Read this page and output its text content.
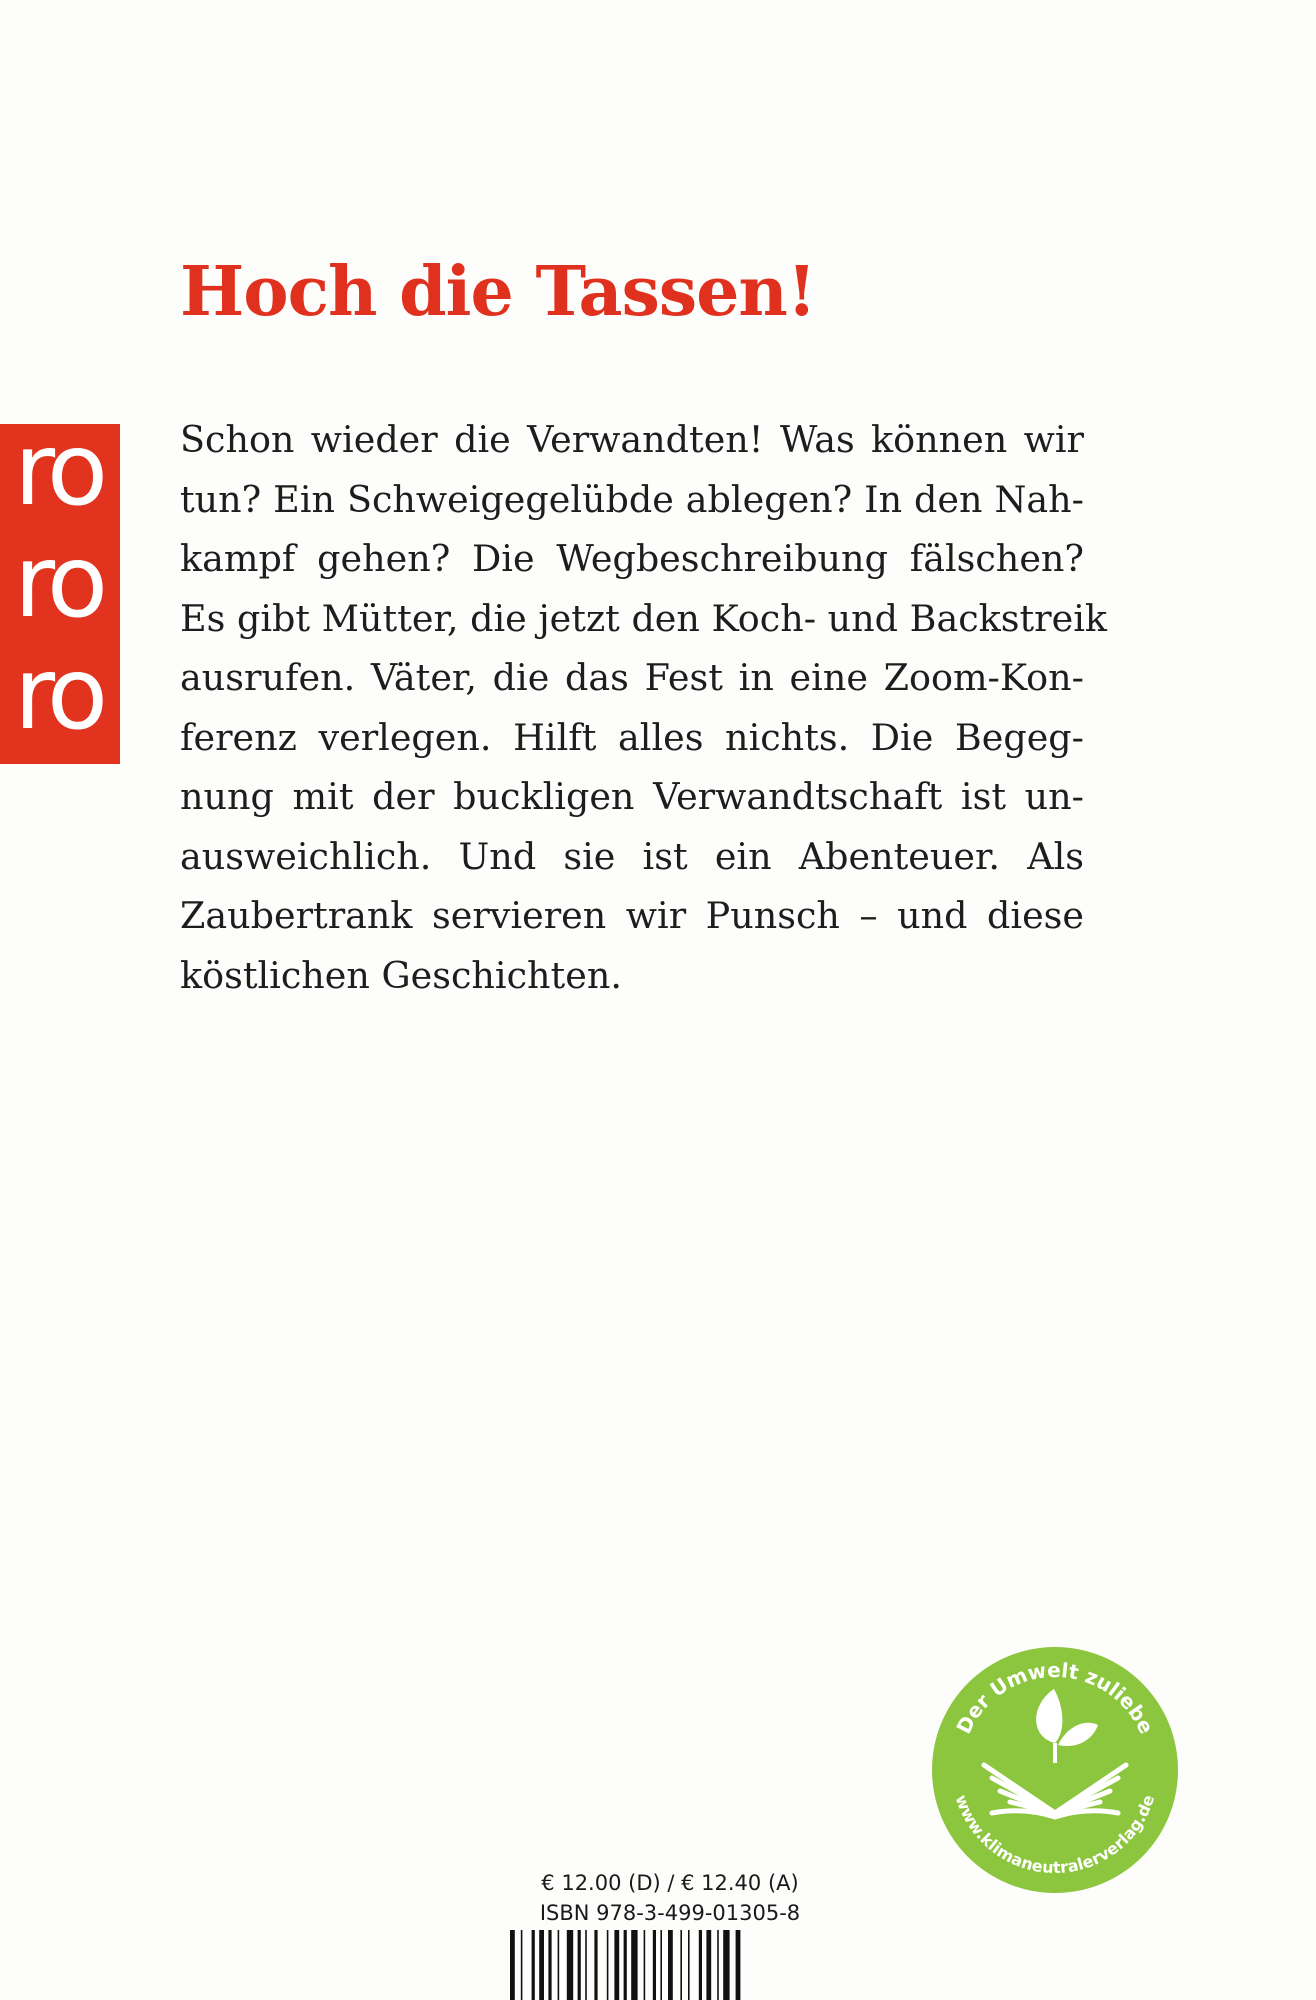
Hoch die Tassen!
ro
ro
ro
Schon wieder die Verwandten! Was können wir
tun? Ein Schweigegelübde ablegen? In den Nah-
kampf gehen? Die Wegbeschreibung fälschen?
Es gibt Mütter, die jetzt den Koch- und Backstreik
ausrufen. Väter, die das Fest in eine Zoom-Kon-
ferenz verlegen. Hilft alles nichts. Die Begeg-
nung mit der buckligen Verwandtschaft ist un-
ausweichlich. Und sie ist ein Abenteuer. Als
Zaubertrank servieren wir Punsch – und diese
köstlichen Geschichten.
Der Umwelt zuliebe
www.klimaneutralerverlag.de
€ 12.00 (D) / € 12.40 (A)
ISBN 978-3-499-01305-8
